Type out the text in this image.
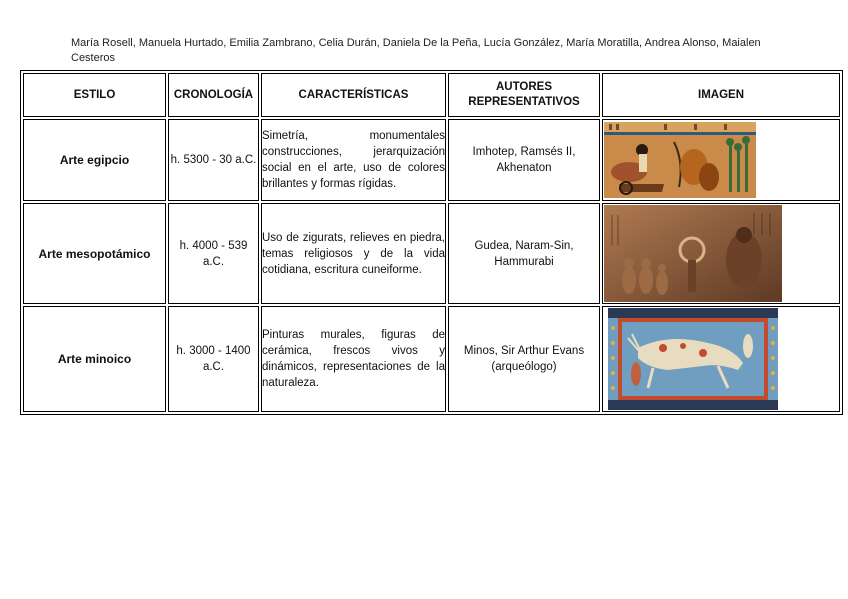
María Rosell, Manuela Hurtado, Emilia Zambrano, Celia Durán, Daniela De la Peña, Lucía González, María Moratilla, Andrea Alonso, Maialen Cesteros
ESTILO	CRONOLOGÍA	CARACTERÍSTICAS	AUTORES REPRESENTATIVOS	IMAGEN
Arte egipcio	h. 5300 - 30 a.C.	Simetría, monumentales construcciones, jerarquización social en el arte, uso de colores brillantes y formas rígidas.	Imhotep, Ramsés II, Akhenaton	

Arte mesopotámico	h. 4000 - 539 a.C.	Uso de zigurats, relieves en piedra, temas religiosos y de la vida cotidiana, escritura cuneiforme.	Gudea, Naram-Sin, Hammurabi	

Arte minoico	h. 3000 - 1400 a.C.	Pinturas murales, figuras de cerámica, frescos vivos y dinámicos, representaciones de la naturaleza.	Minos, Sir Arthur Evans (arqueólogo)	
